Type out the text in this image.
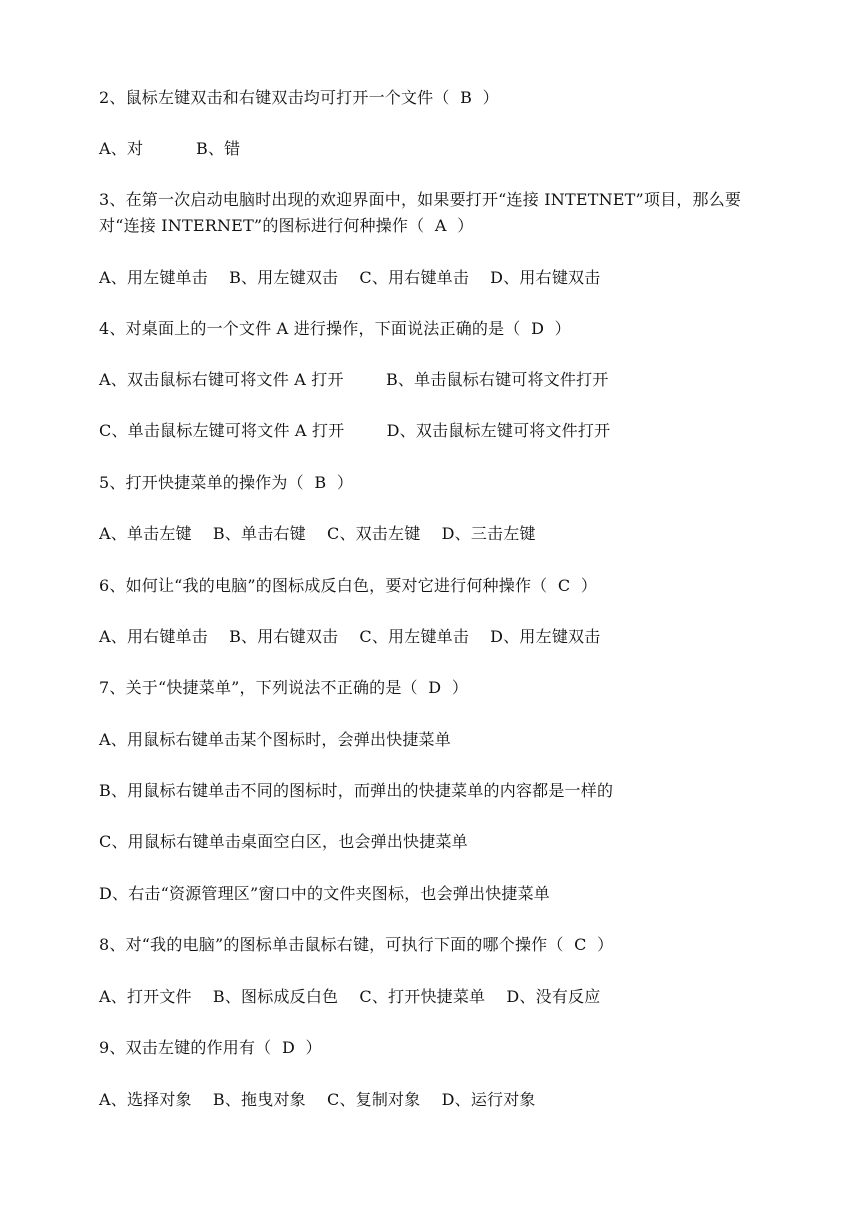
2、鼠标左键双击和右键双击均可打开一个文件（  B  ）
A、对          B、错
3、在第一次启动电脑时出现的欢迎界面中，如果要打开“连接 INTETNET”项目，那么要
对“连接 INTERNET”的图标进行何种操作（  A  ）
A、用左键单击    B、用左键双击    C、用右键单击    D、用右键双击
4、对桌面上的一个文件 A 进行操作，下面说法正确的是（  D  ）
A、双击鼠标右键可将文件 A 打开        B、单击鼠标右键可将文件打开
C、单击鼠标左键可将文件 A 打开        D、双击鼠标左键可将文件打开
5、打开快捷菜单的操作为（  B  ）
A、单击左键    B、单击右键    C、双击左键    D、三击左键
6、如何让“我的电脑”的图标成反白色，要对它进行何种操作（  C  ）
A、用右键单击    B、用右键双击    C、用左键单击    D、用左键双击
7、关于“快捷菜单”，下列说法不正确的是（  D  ）
A、用鼠标右键单击某个图标时，会弹出快捷菜单
B、用鼠标右键单击不同的图标时，而弹出的快捷菜单的内容都是一样的
C、用鼠标右键单击桌面空白区，也会弹出快捷菜单
D、右击“资源管理区”窗口中的文件夹图标，也会弹出快捷菜单
8、对“我的电脑”的图标单击鼠标右键，可执行下面的哪个操作（  C  ）
A、打开文件    B、图标成反白色    C、打开快捷菜单    D、没有反应
9、双击左键的作用有（  D  ）
A、选择对象    B、拖曳对象    C、复制对象    D、运行对象
